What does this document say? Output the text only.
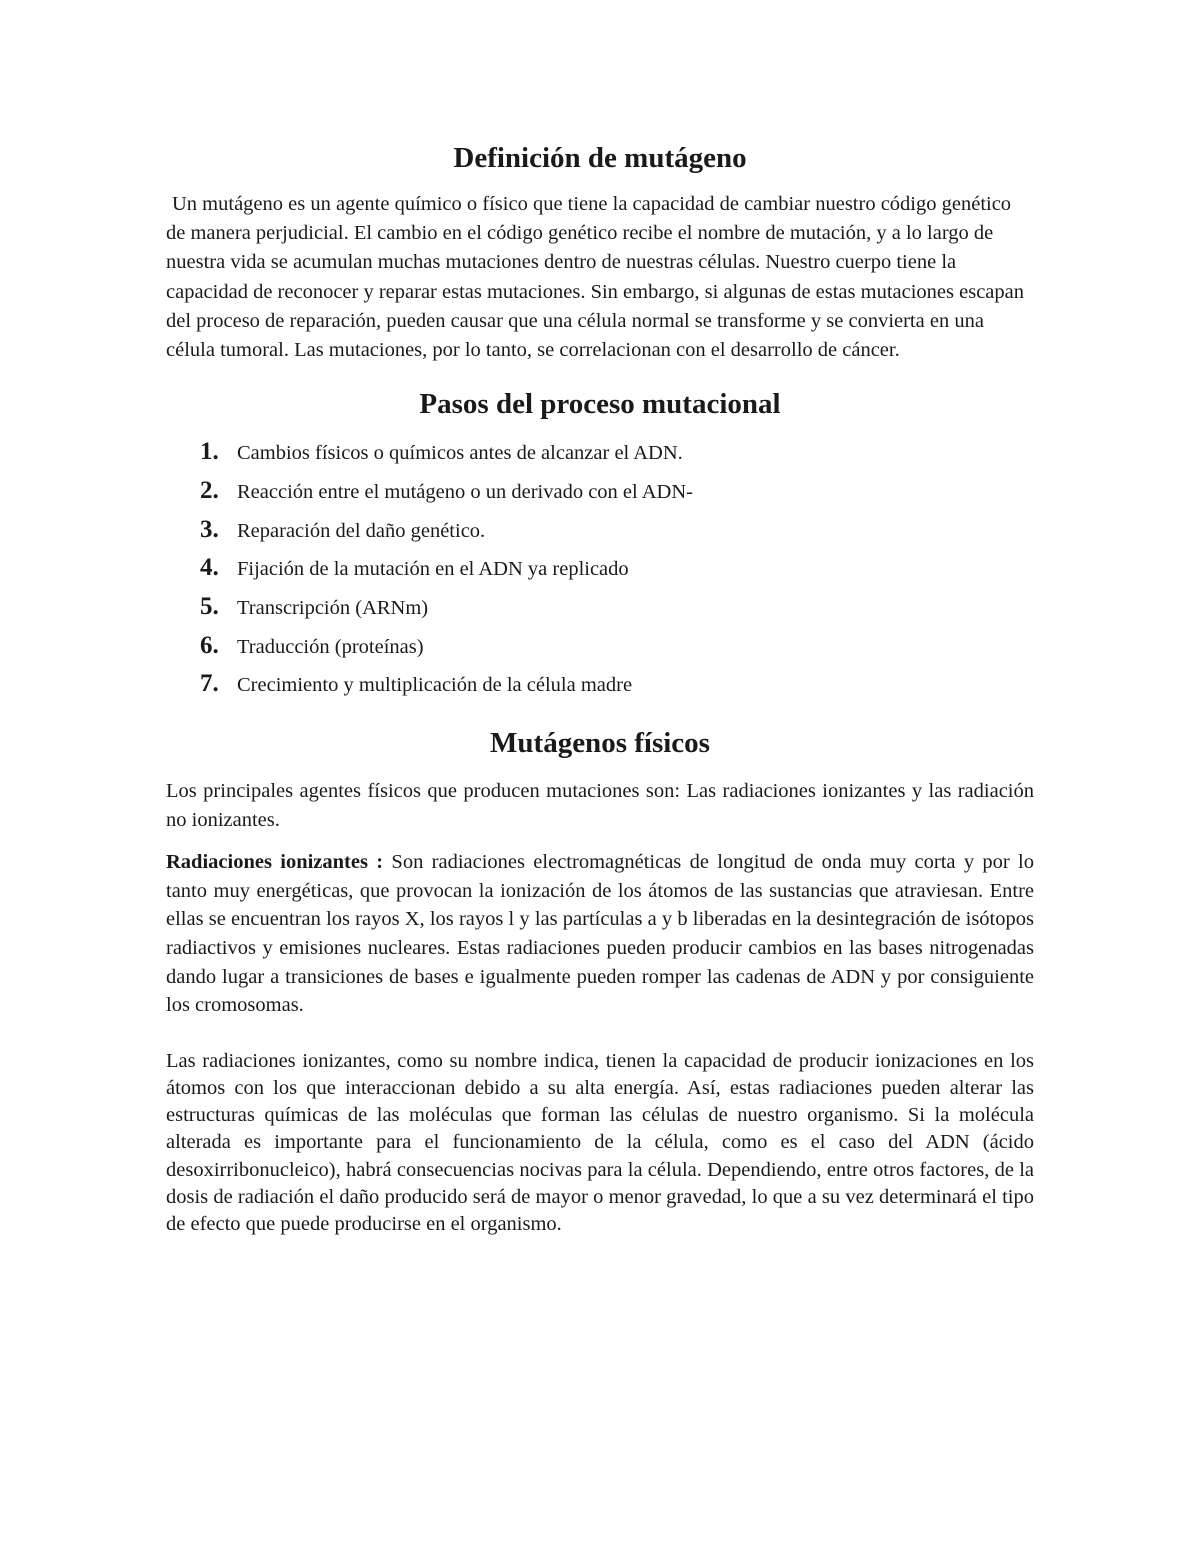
Definición de mutágeno

Un mutágeno es un agente químico o físico que tiene la capacidad de cambiar nuestro código genético de manera perjudicial. El cambio en el código genético recibe el nombre de mutación, y a lo largo de nuestra vida se acumulan muchas mutaciones dentro de nuestras células. Nuestro cuerpo tiene la capacidad de reconocer y reparar estas mutaciones. Sin embargo, si algunas de estas mutaciones escapan del proceso de reparación, pueden causar que una célula normal se transforme y se convierta en una célula tumoral. Las mutaciones, por lo tanto, se correlacionan con el desarrollo de cáncer.

Pasos del proceso mutacional
1. Cambios físicos o químicos antes de alcanzar el ADN.
2. Reacción entre el mutágeno o un derivado con el ADN-
3. Reparación del daño genético.
4. Fijación de la mutación en el ADN ya replicado
5. Transcripción (ARNm)
6. Traducción (proteínas)
7. Crecimiento y multiplicación de la célula madre
Mutágenos físicos

Los principales agentes físicos que producen mutaciones son: Las radiaciones ionizantes y las radiación no ionizantes.

Radiaciones ionizantes : Son radiaciones electromagnéticas de longitud de onda muy corta y por lo tanto muy energéticas, que provocan la ionización de los átomos de las sustancias que atraviesan. Entre ellas se encuentran los rayos X, los rayos l y las partículas a y b liberadas en la desintegración de isótopos radiactivos y emisiones nucleares. Estas radiaciones pueden producir cambios en las bases nitrogenadas dando lugar a transiciones de bases e igualmente pueden romper las cadenas de ADN y por consiguiente los cromosomas.

Las radiaciones ionizantes, como su nombre indica, tienen la capacidad de producir ionizaciones en los átomos con los que interaccionan debido a su alta energía. Así, estas radiaciones pueden alterar las estructuras químicas de las moléculas que forman las células de nuestro organismo. Si la molécula alterada es importante para el funcionamiento de la célula, como es el caso del ADN (ácido desoxirribonucleico), habrá consecuencias nocivas para la célula. Dependiendo, entre otros factores, de la dosis de radiación el daño producido será de mayor o menor gravedad, lo que a su vez determinará el tipo de efecto que puede producirse en el organismo.
